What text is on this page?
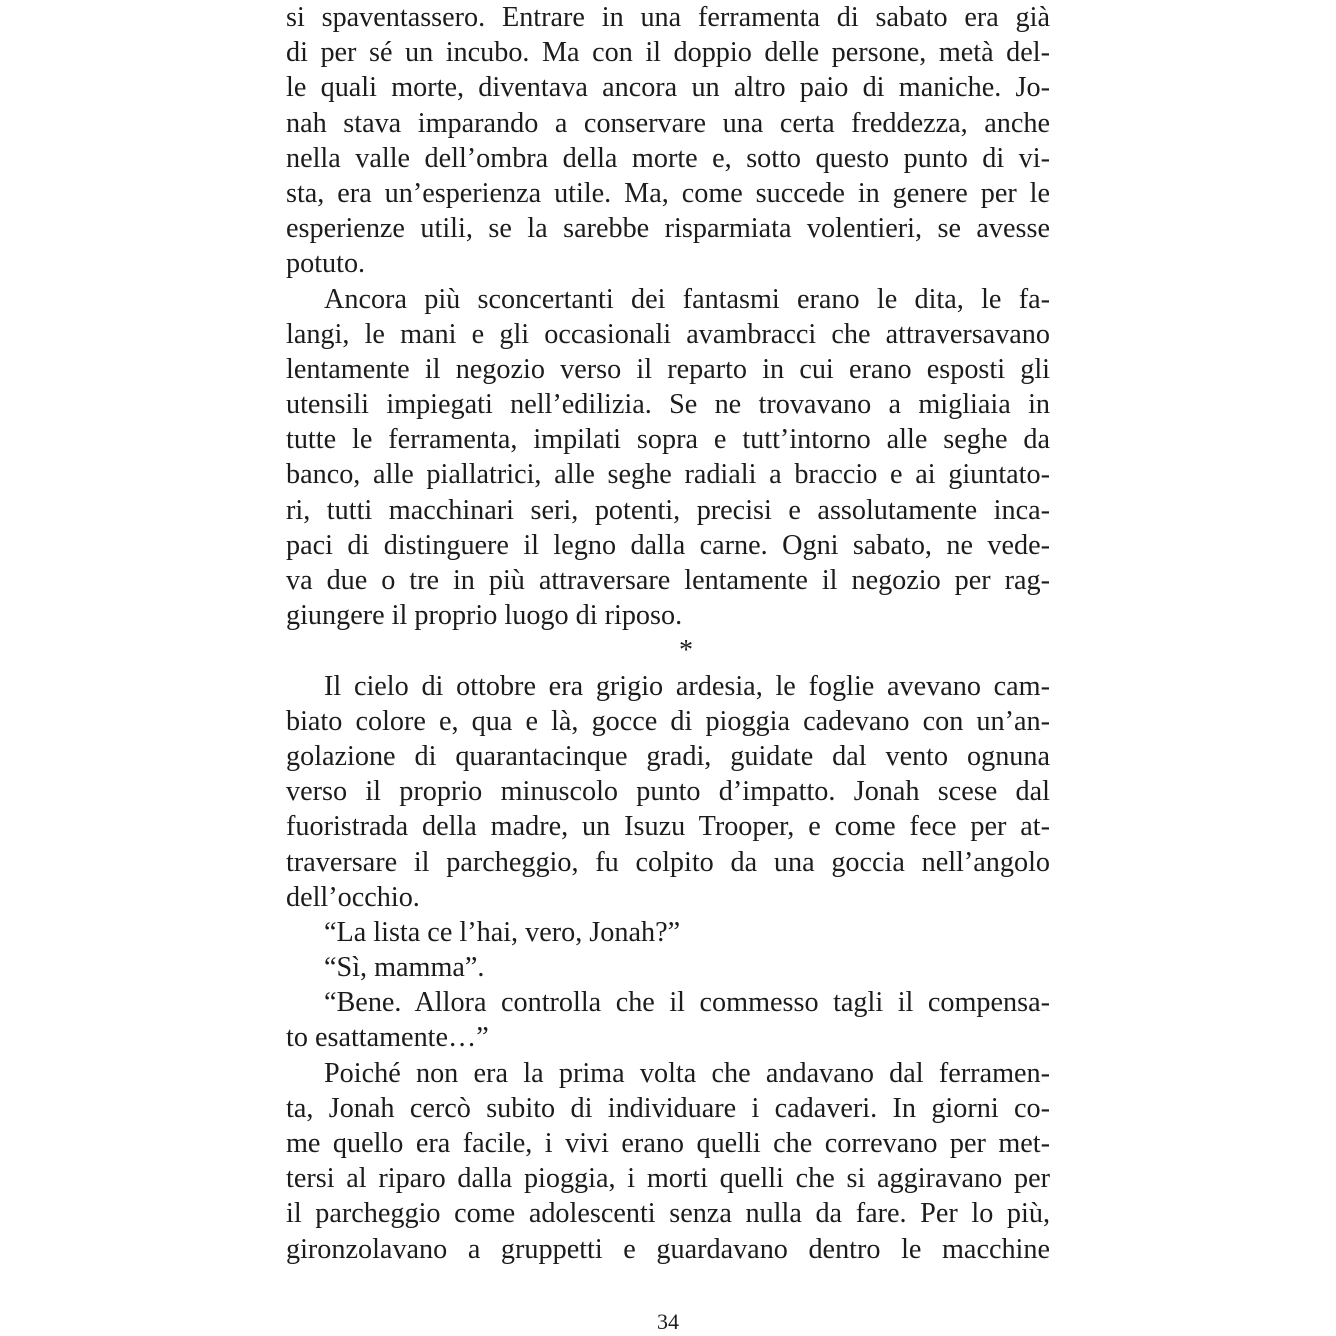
si spaventassero. Entrare in una ferramenta di sabato era già
di per sé un incubo. Ma con il doppio delle persone, metà del-
le quali morte, diventava ancora un altro paio di maniche. Jo-
nah stava imparando a conservare una certa freddezza, anche
nella valle dell’ombra della morte e, sotto questo punto di vi-
sta, era un’esperienza utile. Ma, come succede in genere per le
esperienze utili, se la sarebbe risparmiata volentieri, se avesse
potuto.

Ancora più sconcertanti dei fantasmi erano le dita, le fa-
langi, le mani e gli occasionali avambracci che attraversavano
lentamente il negozio verso il reparto in cui erano esposti gli
utensili impiegati nell’edilizia. Se ne trovavano a migliaia in
tutte le ferramenta, impilati sopra e tutt’intorno alle seghe da
banco, alle piallatrici, alle seghe radiali a braccio e ai giuntato-
ri, tutti macchinari seri, potenti, precisi e assolutamente inca-
paci di distinguere il legno dalla carne. Ogni sabato, ne vede-
va due o tre in più attraversare lentamente il negozio per rag-
giungere il proprio luogo di riposo.

*

Il cielo di ottobre era grigio ardesia, le foglie avevano cam-
biato colore e, qua e là, gocce di pioggia cadevano con un’an-
golazione di quarantacinque gradi, guidate dal vento ognuna
verso il proprio minuscolo punto d’impatto. Jonah scese dal
fuoristrada della madre, un Isuzu Trooper, e come fece per at-
traversare il parcheggio, fu colpito da una goccia nell’angolo
dell’occhio.

“La lista ce l’hai, vero, Jonah?”

“Sì, mamma”.

“Bene. Allora controlla che il commesso tagli il compensa-
to esattamente…”

Poiché non era la prima volta che andavano dal ferramen-
ta, Jonah cercò subito di individuare i cadaveri. In giorni co-
me quello era facile, i vivi erano quelli che correvano per met-
tersi al riparo dalla pioggia, i morti quelli che si aggiravano per
il parcheggio come adolescenti senza nulla da fare. Per lo più,
gironzolavano a gruppetti e guardavano dentro le macchine

34
